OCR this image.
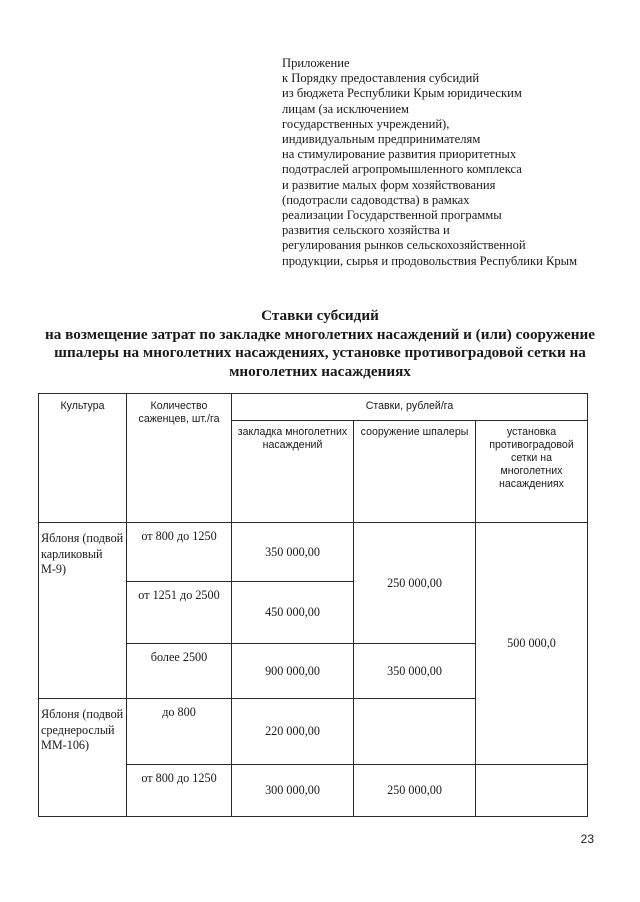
Приложение
к Порядку предоставления субсидий
из бюджета Республики Крым юридическим
лицам (за исключением
государственных учреждений),
индивидуальным предпринимателям
на стимулирование развития приоритетных
подотраслей агропромышленного комплекса
и развитие малых форм хозяйствования
(подотрасли садоводства) в рамках
реализации Государственной программы
развития сельского хозяйства и
регулирования рынков сельскохозяйственной
продукции, сырья и продовольствия Республики Крым
Ставки субсидий
на возмещение затрат по закладке многолетних насаждений и (или) сооружение
шпалеры на многолетних насаждениях, установке противоградовой сетки на
многолетних насаждениях
Культура	Количество саженцев, шт./га	Ставки, рублей/га		
		закладка многолетних насаждений	сооружение шпалеры	установка противоградовой сетки на многолетних насаждениях
Яблоня (подвой карликовый М-9)	от 800 до 1250	350 000,00	250 000,00	500 000,0
	от 1251 до 2500	450 000,00		
	более 2500	900 000,00	350 000,00	
Яблоня (подвой среднерослый ММ-106)	до 800	220 000,00		
	от 800 до 1250	300 000,00	250 000,00	
23
